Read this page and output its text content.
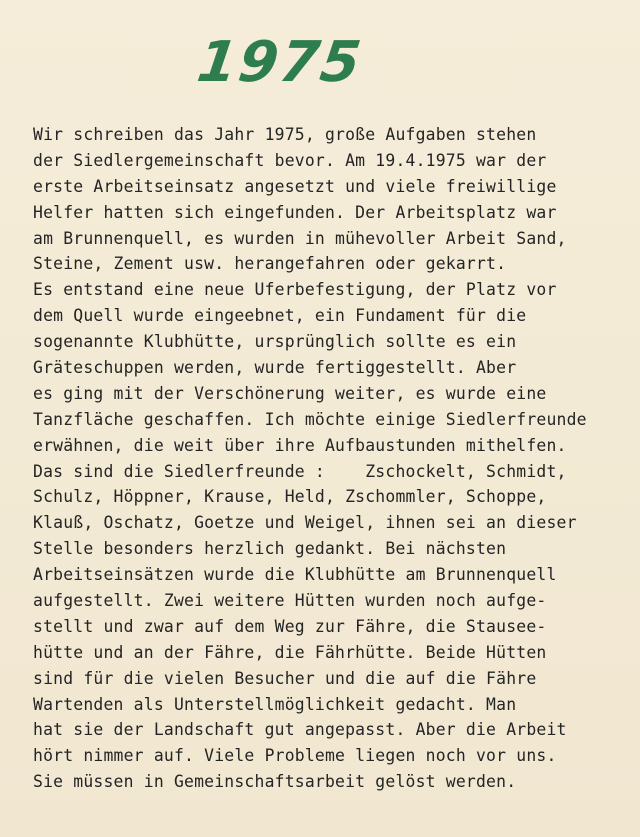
1975
Wir schreiben das Jahr 1975, große Aufgaben stehen
der Siedlergemeinschaft bevor. Am 19.4.1975 war der
erste Arbeitseinsatz angesetzt und viele freiwillige
Helfer hatten sich eingefunden. Der Arbeitsplatz war
am Brunnenquell, es wurden in mühevoller Arbeit Sand,
Steine, Zement usw. herangefahren oder gekarrt.
Es entstand eine neue Uferbefestigung, der Platz vor
dem Quell wurde eingeebnet, ein Fundament für die
sogenannte Klubhütte, ursprünglich sollte es ein
Gräteschuppen werden, wurde fertiggestellt. Aber
es ging mit der Verschönerung weiter, es wurde eine
Tanzfläche geschaffen. Ich möchte einige Siedlerfreunde
erwähnen, die weit über ihre Aufbaustunden mithelfen.
Das sind die Siedlerfreunde :    Zschockelt, Schmidt,
Schulz, Höppner, Krause, Held, Zschommler, Schoppe,
Klauß, Oschatz, Goetze und Weigel, ihnen sei an dieser
Stelle besonders herzlich gedankt. Bei nächsten
Arbeitseinsätzen wurde die Klubhütte am Brunnenquell
aufgestellt. Zwei weitere Hütten wurden noch aufge-
stellt und zwar auf dem Weg zur Fähre, die Stausee-
hütte und an der Fähre, die Fährhütte. Beide Hütten
sind für die vielen Besucher und die auf die Fähre
Wartenden als Unterstellmöglichkeit gedacht. Man
hat sie der Landschaft gut angepasst. Aber die Arbeit
hört nimmer auf. Viele Probleme liegen noch vor uns.
Sie müssen in Gemeinschaftsarbeit gelöst werden.
